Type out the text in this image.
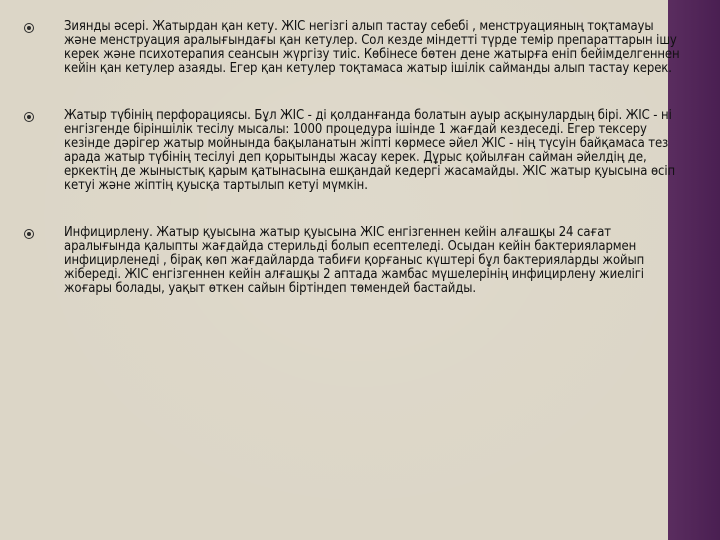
Зиянды әсері. Жатырдан қан кету. ЖІС негізгі алып тастау себебі , менструацияның тоқтамауы және менструация аралығындағы қан кетулер. Сол кезде міндетті түрде темір препараттарын ішу керек және психотерапия сеансын жүргізу тиіс. Көбінесе бөтен дене жатырға еніп бейімделгеннен кейін қан кетулер азаяды. Егер қан кетулер тоқтамаса жатыр ішілік сайманды алып тастау керек.
Жатыр түбінің перфорациясы. Бұл ЖІС - ді қолданғанда болатын ауыр асқынулардың бірі. ЖІС - ні енгізгенде біріншілік тесілу мысалы: 1000 процедура ішінде 1 жағдай кездеседі. Егер тексеру кезінде дәрігер жатыр мойнында бақыланатын жіпті көрмесе әйел ЖІС - нің түсуін байқамаса тез арада жатыр түбінің тесілуі деп қорытынды жасау керек. Дұрыс қойылған сайман әйелдің де, еркектің де жыныстық қарым қатынасына ешқандай кедергі жасамайды. ЖІС жатыр қуысына өсіп кетуі және жіптің қуысқа тартылып кетуі мүмкін.
Инфицирлену. Жатыр қуысына жатыр қуысына ЖІС енгізгеннен кейін алғашқы 24 сағат аралығында қалыпты жағдайда стерильді болып есептеледі. Осыдан кейін бактериялармен инфицирленеді , бірақ көп жағдайларда табиғи қорғаныс күштері бұл бактерияларды жойып жібереді. ЖІС енгізгеннен кейін алғашқы 2 аптада жамбас мүшелерінің инфицирлену жиелігі жоғары болады, уақыт өткен сайын біртіндеп төмендей бастайды.
